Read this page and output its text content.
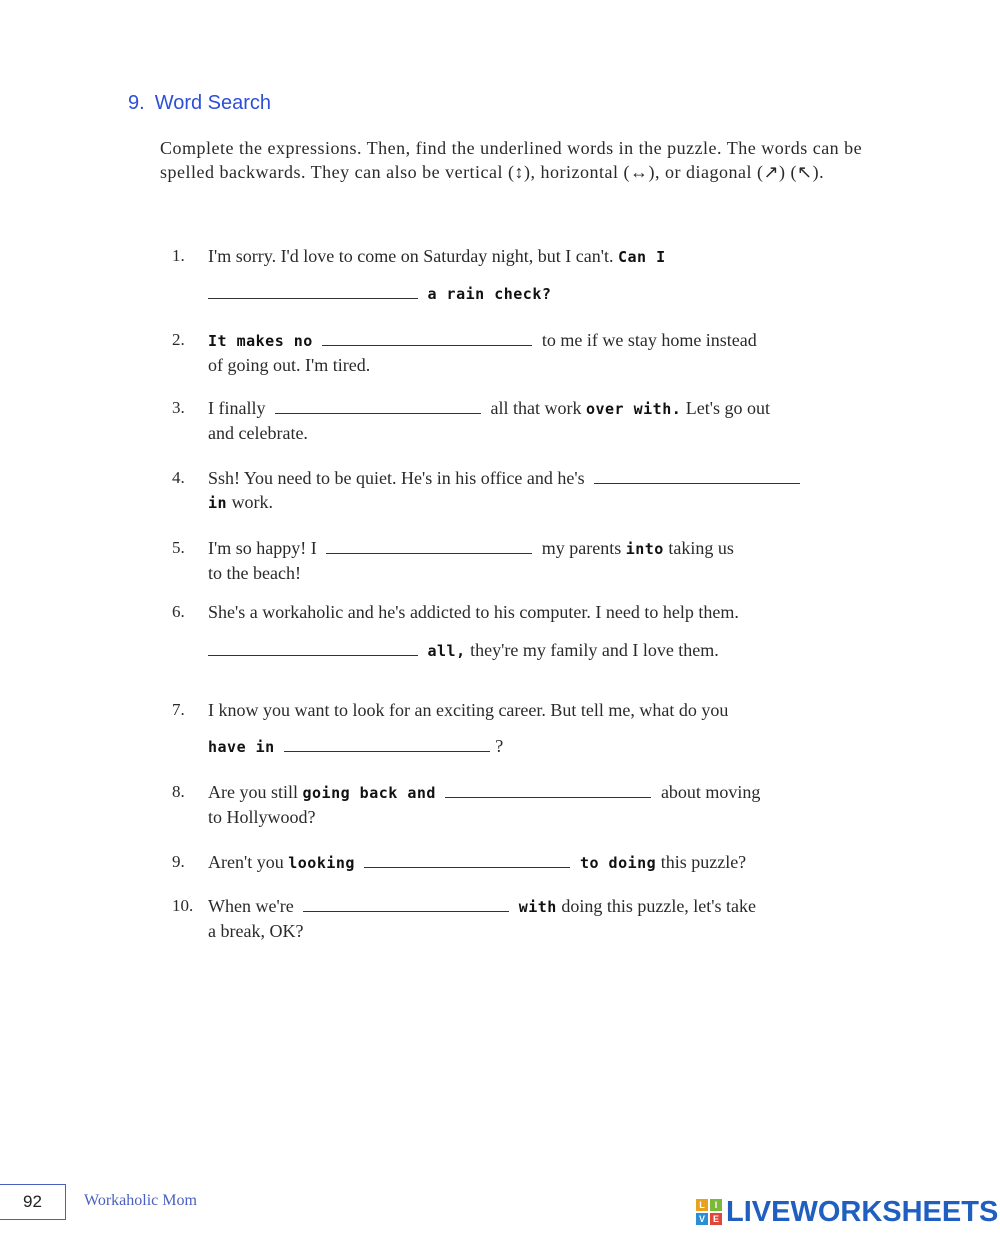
9. Word Search
Complete the expressions. Then, find the underlined words in the puzzle. The words can be spelled backwards. They can also be vertical (↕), horizontal (↔), or diagonal (↗) (↖).
1.	I'm sorry. I'd love to come on Saturday night, but I can't. Can I
a rain check?
2.	It makes no	to me if we stay home instead
of going out. I'm tired.
3.	I finally	all that work over with. Let's go out
and celebrate.
4.	Ssh! You need to be quiet. He's in his office and he's
in work.
5.	I'm so happy! I	my parents into taking us
to the beach!
6.	She's a workaholic and he's addicted to his computer. I need to help them.
all, they're my family and I love them.
7.	I know you want to look for an exciting career. But tell me, what do you
have in	?
8.	Are you still going back and	about moving
to Hollywood?
9.	Aren't you looking	to doing this puzzle?
10. When we're	with doing this puzzle, let's take
a break, OK?
92	Workaholic Mom	L	I
V E LIVEWORKSHEETS
